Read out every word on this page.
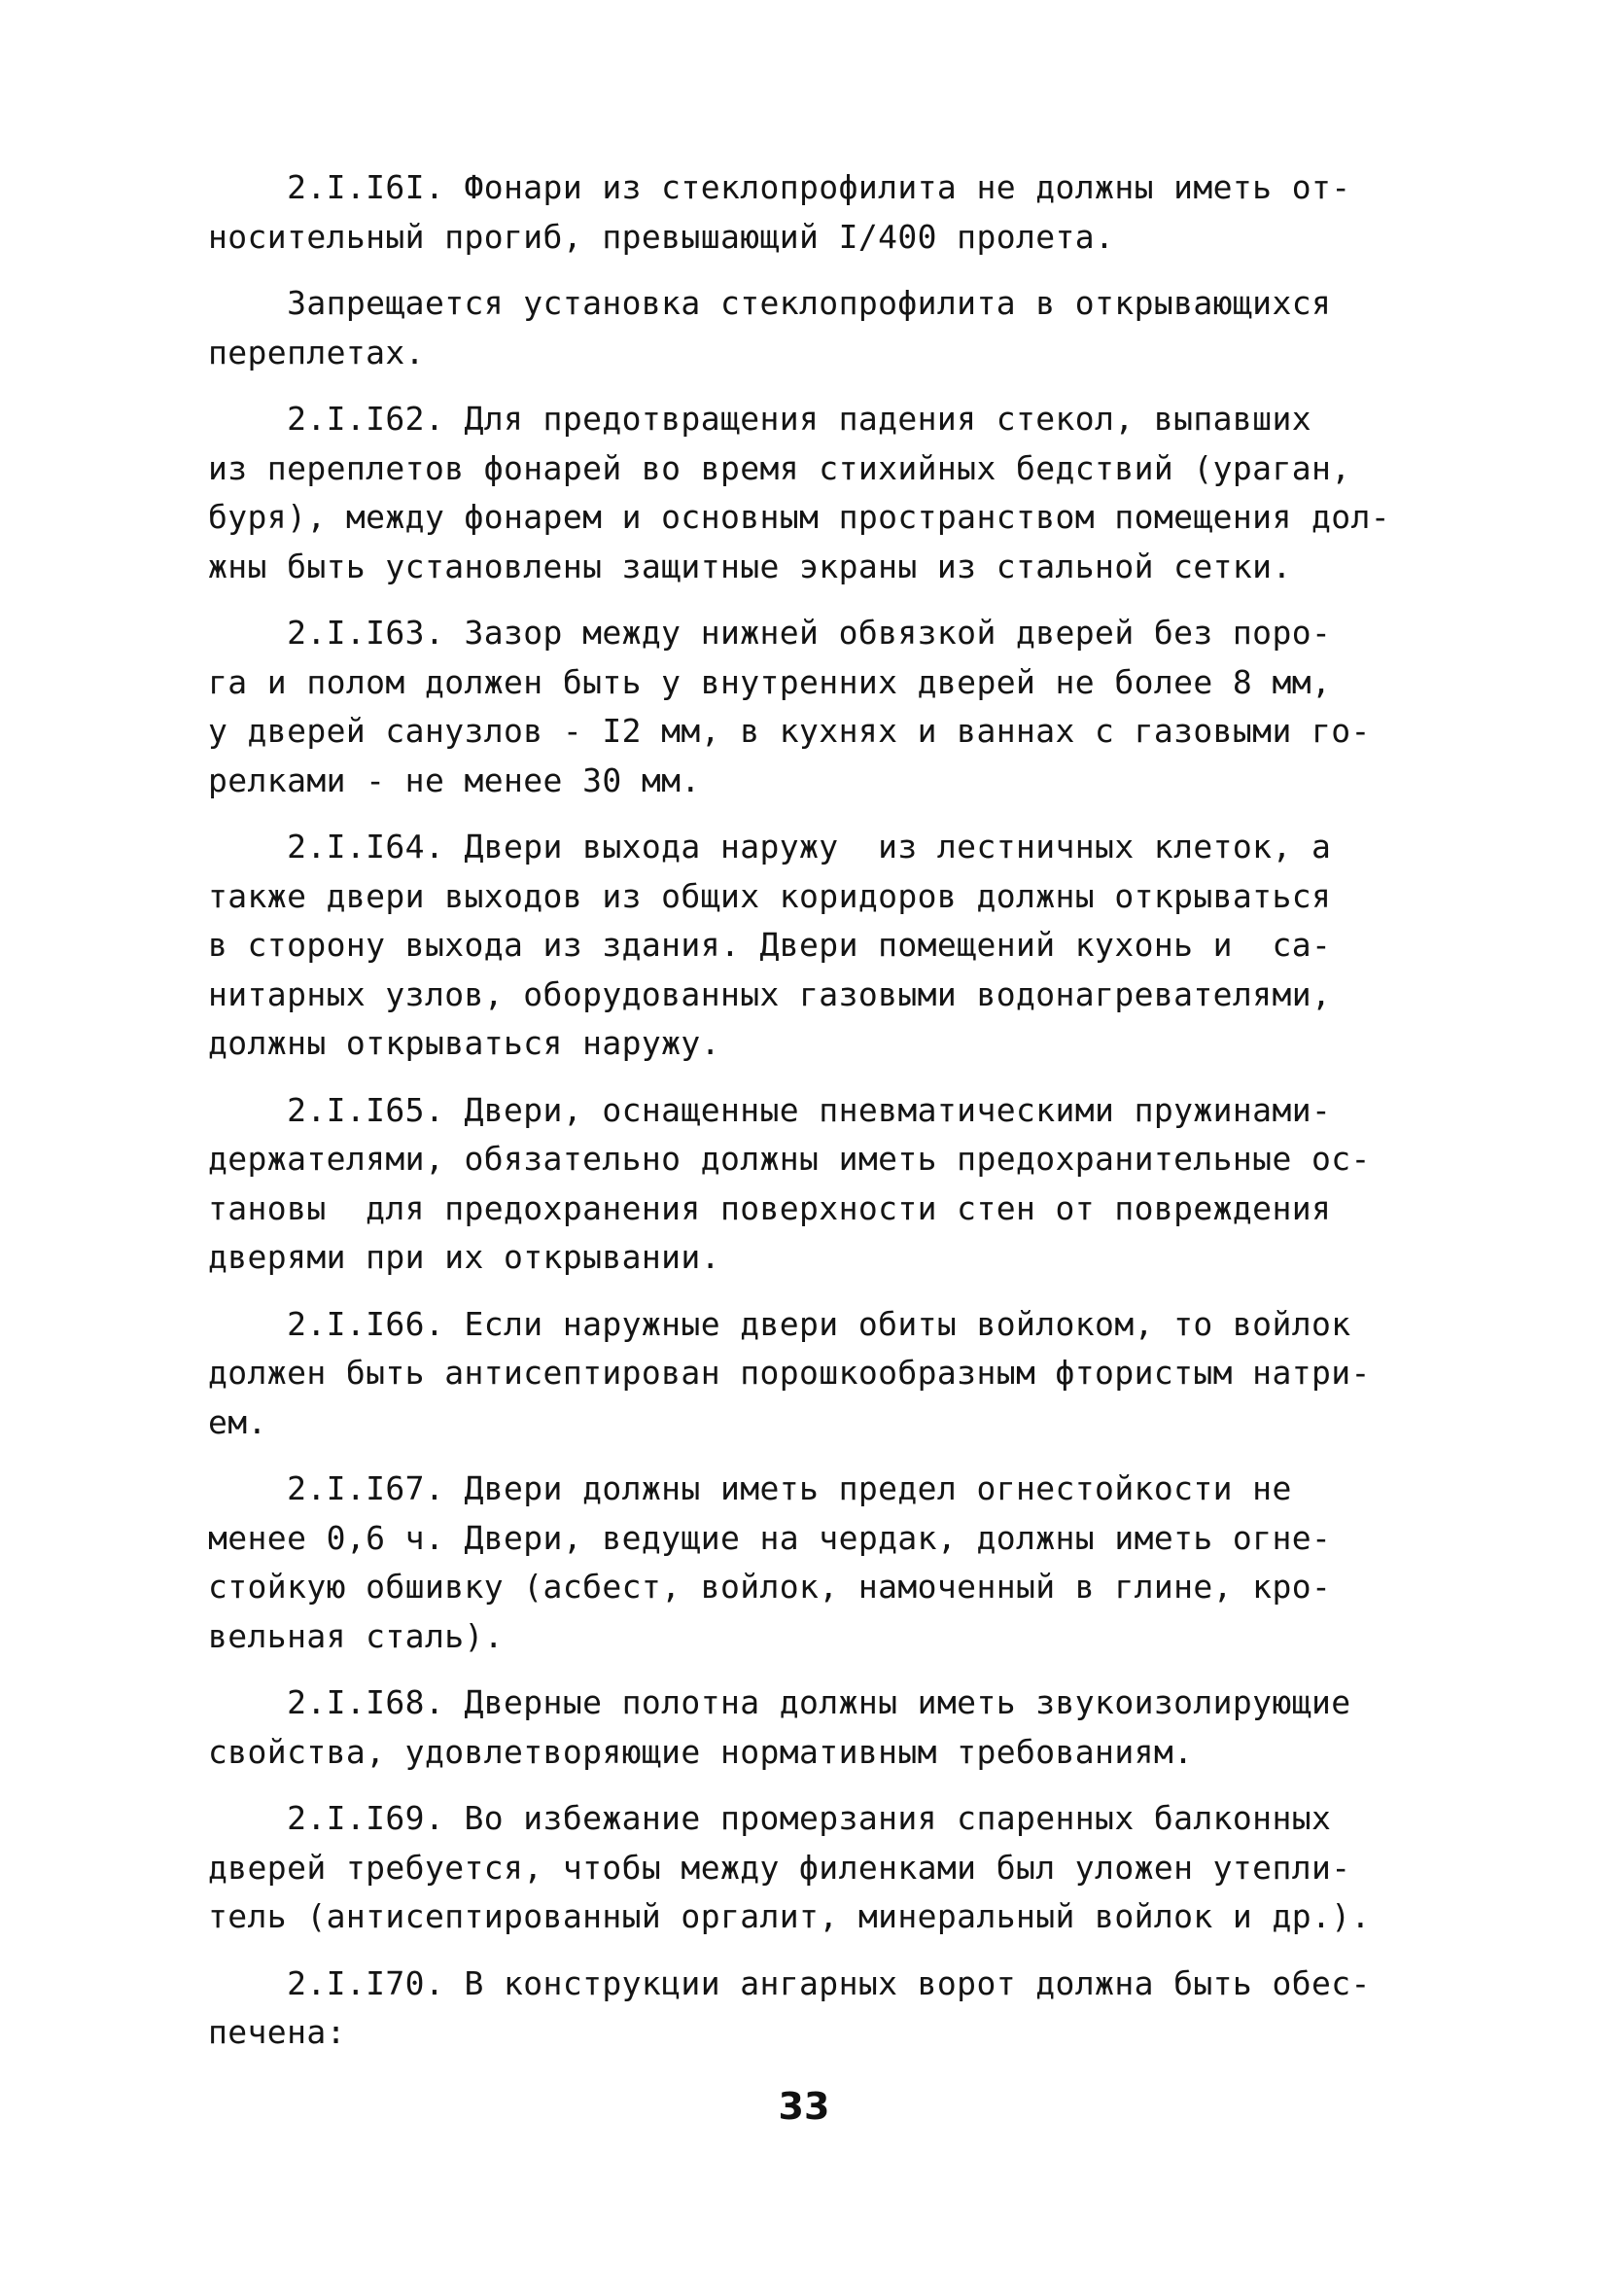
2.I.I6I. Фонари из стеклопрофилита не должны иметь от-
носительный прогиб, превышающий I/400 пролета.
Запрещается установка стеклопрофилита в открывающихся
переплетах.
2.I.I62. Для предотвращения падения стекол, выпавших
из переплетов фонарей во время стихийных бедствий (ураган,
буря), между фонарем и основным пространством помещения дол-
жны быть установлены защитные экраны из стальной сетки.
2.I.I63. Зазор между нижней обвязкой дверей без поро-
га и полом должен быть у внутренних дверей не более 8 мм,
у дверей санузлов - I2 мм, в кухнях и ваннах с газовыми го-
релками - не менее 30 мм.
2.I.I64. Двери выхода наружу  из лестничных клеток, а
также двери выходов из общих коридоров должны открываться
в сторону выхода из здания. Двери помещений кухонь и  са-
нитарных узлов, оборудованных газовыми водонагревателями,
должны открываться наружу.
2.I.I65. Двери, оснащенные пневматическими пружинами-
держателями, обязательно должны иметь предохранительные ос-
тановы  для предохранения поверхности стен от повреждения
дверями при их открывании.
2.I.I66. Если наружные двери обиты войлоком, то войлок
должен быть антисептирован порошкообразным фтористым натри-
ем.
2.I.I67. Двери должны иметь предел огнестойкости не
менее 0,6 ч. Двери, ведущие на чердак, должны иметь огне-
стойкую обшивку (асбест, войлок, намоченный в глине, кро-
вельная сталь).
2.I.I68. Дверные полотна должны иметь звукоизолирующие
свойства, удовлетворяющие нормативным требованиям.
2.I.I69. Во избежание промерзания спаренных балконных
дверей требуется, чтобы между филенками был уложен утепли-
тель (антисептированный оргалит, минеральный войлок и др.).
2.I.I70. В конструкции ангарных ворот должна быть обес-
печена:
33
